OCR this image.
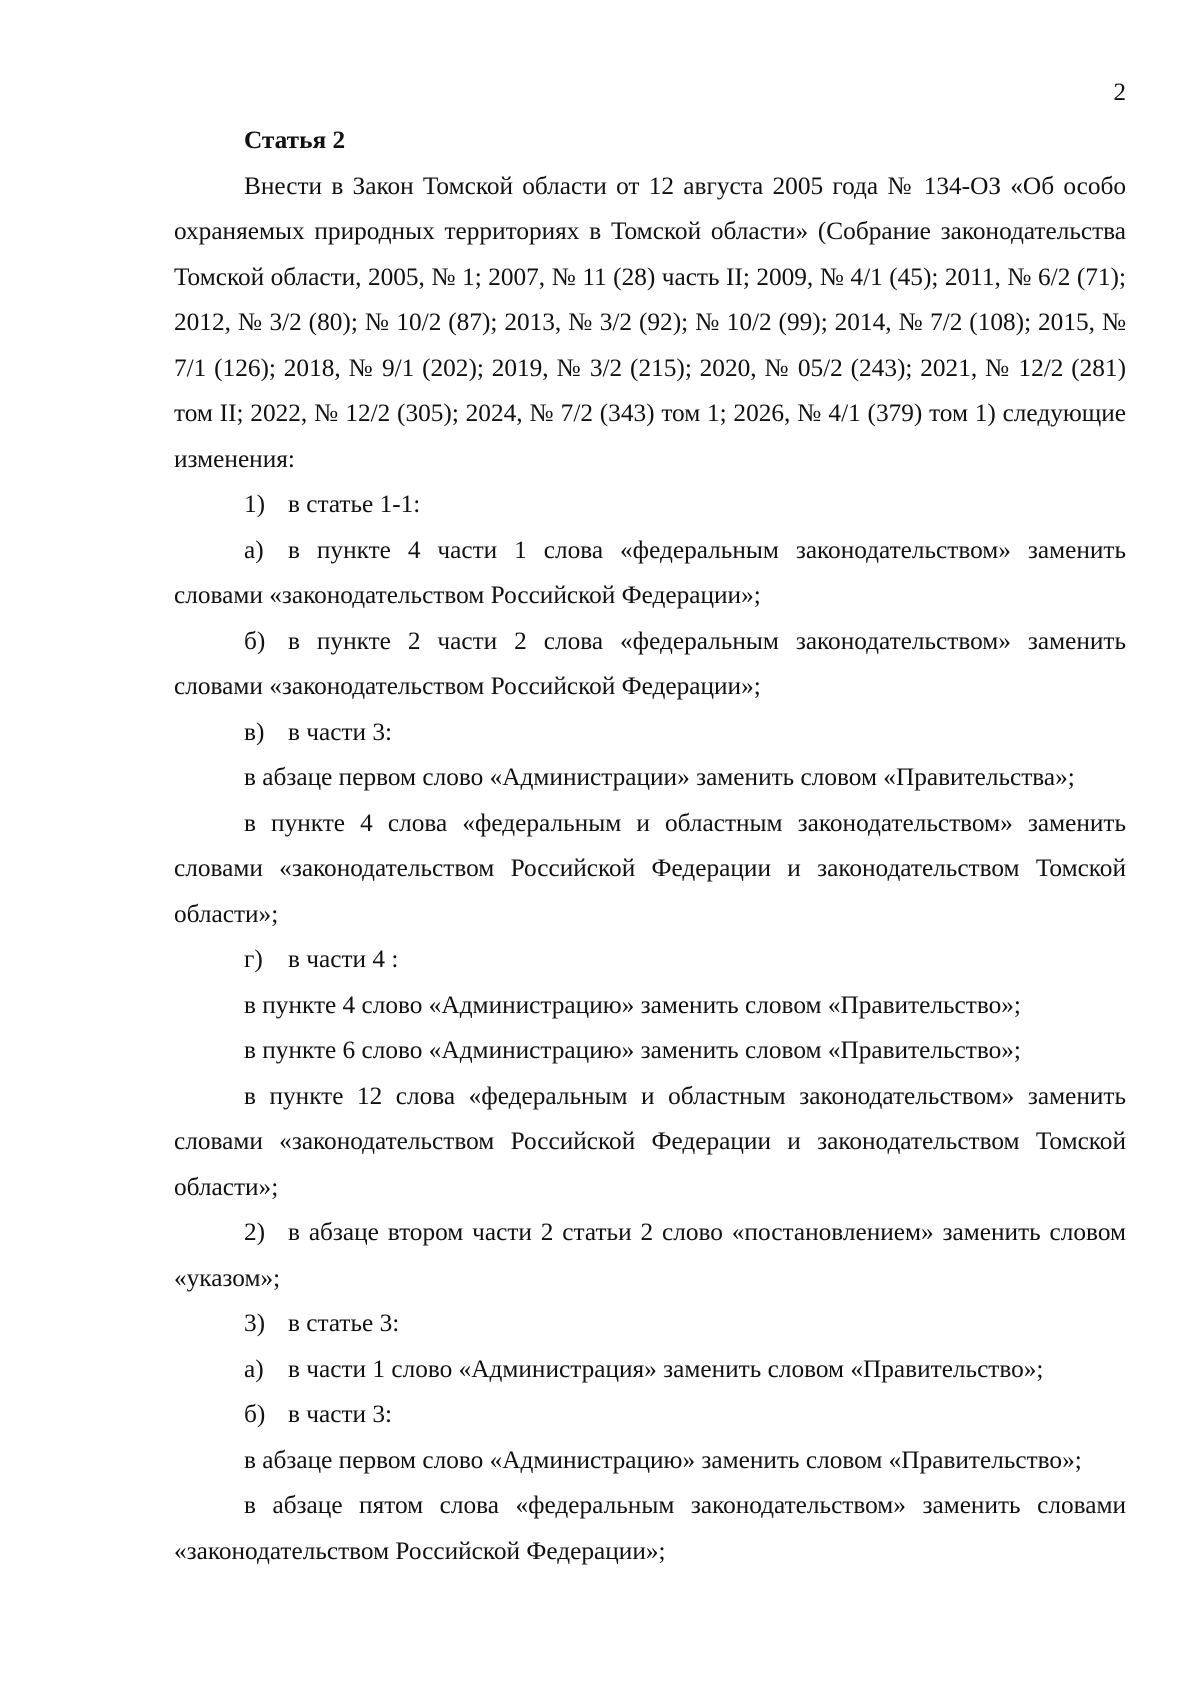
2

Статья 2

Внести в Закон Томской области от 12 августа 2005 года № 134-ОЗ «Об особо охраняемых природных территориях в Томской области» (Собрание законодательства Томской области, 2005, № 1; 2007, № 11 (28) часть II; 2009, № 4/1 (45); 2011, № 6/2 (71); 2012, № 3/2 (80); № 10/2 (87); 2013, № 3/2 (92); № 10/2 (99); 2014, № 7/2 (108); 2015, № 7/1 (126); 2018, № 9/1 (202); 2019, № 3/2 (215); 2020, № 05/2 (243); 2021, № 12/2 (281) том II; 2022, № 12/2 (305); 2024, № 7/2 (343) том 1; 2026, № 4/1 (379) том 1) следующие изменения:

1) в статье 1-1:

а) в пункте 4 части 1 слова «федеральным законодательством» заменить словами «законодательством Российской Федерации»;

б) в пункте 2 части 2 слова «федеральным законодательством» заменить словами «законодательством Российской Федерации»;

в) в части 3:

в абзаце первом слово «Администрации» заменить словом «Правительства»;

в пункте 4 слова «федеральным и областным законодательством» заменить словами «законодательством Российской Федерации и законодательством Томской области»;

г) в части 4 :

в пункте 4 слово «Администрацию» заменить словом «Правительство»;

в пункте 6 слово «Администрацию» заменить словом «Правительство»;

в пункте 12 слова «федеральным и областным законодательством» заменить словами «законодательством Российской Федерации и законодательством Томской области»;

2) в абзаце втором части 2 статьи 2 слово «постановлением» заменить словом «указом»;

3) в статье 3:

а) в части 1 слово «Администрация» заменить словом «Правительство»;

б) в части 3:

в абзаце первом слово «Администрацию» заменить словом «Правительство»;

в абзаце пятом слова «федеральным законодательством» заменить словами «законодательством Российской Федерации»;
